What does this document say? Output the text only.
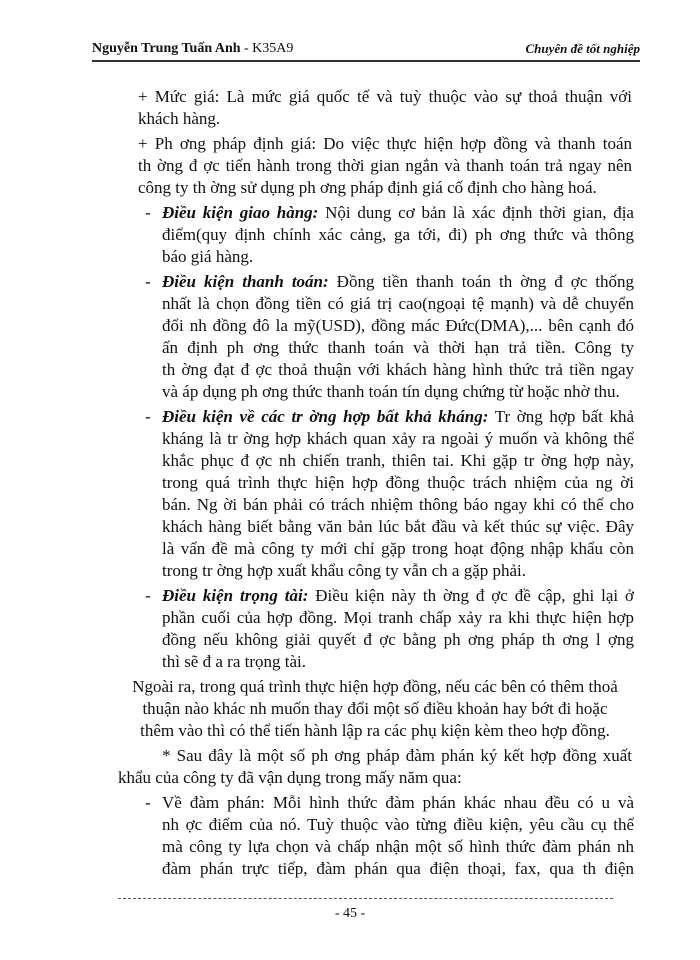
Nguyễn Trung Tuấn Anh - K35A9	Chuyên đề tốt nghiệp
+ Mức giá: Là mức giá quốc tế và tuỳ thuộc vào sự thoả thuận với
khách hàng.
+ Ph ơng pháp định giá: Do việc thực hiện hợp đồng và thanh toán
th ờng đ ợc tiến hành trong thời gian ngắn và thanh toán trả ngay nên
công ty th ờng sử dụng ph ơng pháp định giá cố định cho hàng hoá.
- Điều kiện giao hàng: Nội dung cơ bản là xác định thời gian, địa
điểm(quy định chính xác cảng, ga tới, đi) ph ơng thức và thông
báo giá hàng.
- Điều kiện thanh toán: Đồng tiền thanh toán th ờng đ ợc thống
nhất là chọn đồng tiền có giá trị cao(ngoại tệ mạnh) và dễ chuyển
đổi nh đồng đô la mỹ(USD), đồng mác Đức(DMA),... bên cạnh đó
ấn định ph ơng thức thanh toán và thời hạn trả tiền. Công ty
th ờng đạt đ ợc thoả thuận với khách hàng hình thức trả tiền ngay
và áp dụng ph ơng thức thanh toán tín dụng chứng từ hoặc nhờ thu.
- Điều kiện về các tr ờng hợp bất khả kháng: Tr ờng hợp bất khả
kháng là tr ờng hợp khách quan xảy ra ngoài ý muốn và không thể
khắc phục đ ợc nh chiến tranh, thiên tai. Khi gặp tr ờng hợp này,
trong quá trình thực hiện hợp đồng thuộc trách nhiệm của ng ời
bán. Ng ời bán phải có trách nhiệm thông báo ngay khi có thể cho
khách hàng biết bằng văn bản lúc bắt đầu và kết thúc sự việc. Đây
là vấn đề mà công ty mới chỉ gặp trong hoạt động nhập khẩu còn
trong tr ờng hợp xuất khẩu công ty vẫn ch a gặp phải.
- Điều kiện trọng tài: Điều kiện này th ờng đ ợc đề cập, ghi lại ở
phần cuối của hợp đồng. Mọi tranh chấp xảy ra khi thực hiện hợp
đồng nếu không giải quyết đ ợc bằng ph ơng pháp th ơng l ợng
thì sẽ đ a ra trọng tài.
Ngoài ra, trong quá trình thực hiện hợp đồng, nếu các bên có thêm thoả
thuận nào khác nh muốn thay đổi một số điều khoản hay bớt đi hoặc
thêm vào thì có thể tiến hành lập ra các phụ kiện kèm theo hợp đồng.
* Sau đây là một số ph ơng pháp đàm phán ký kết hợp đồng xuất
khẩu của công ty đã vận dụng trong mấy năm qua:
- Về đàm phán: Mỗi hình thức đàm phán khác nhau đều có u và
nh ợc điểm của nó. Tuỳ thuộc vào từng điều kiện, yêu cầu cụ thể
mà công ty lựa chọn và chấp nhận một số hình thức đàm phán nh
đàm phán trực tiếp, đàm phán qua điện thoại, fax, qua th điện
- 45 -
